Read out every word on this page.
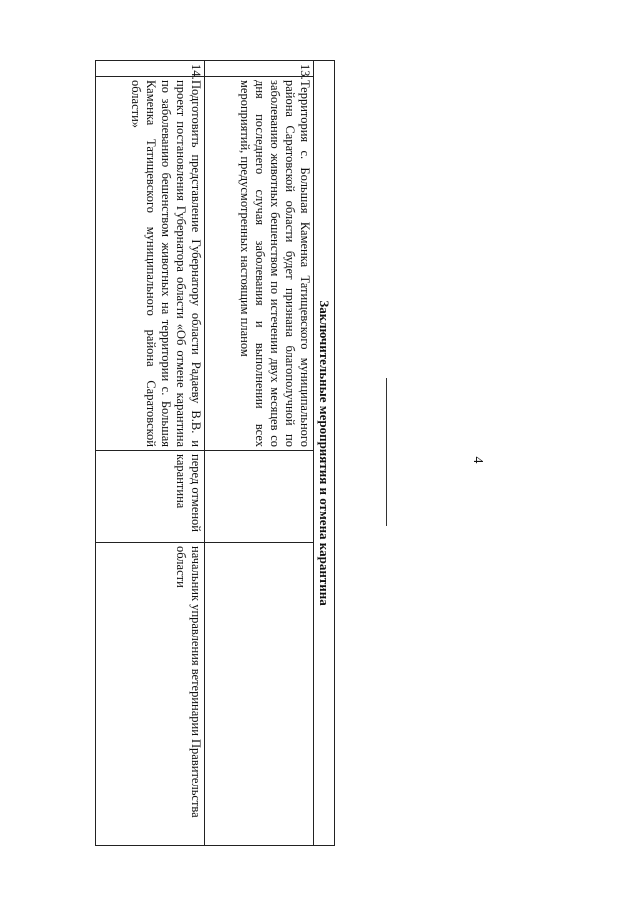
4
Заключительные мероприятия и отмена карантина			
13.	Территория с. Большая Каменка Татищевского муниципального района Саратовской области будет признана благополучной по заболеванию животных бешенством по истечении двух месяцев со дня последнего случая заболевания и выполнении всех мероприятий, предусмотренных настоящим планом		
14.	Подготовить представление Губернатору области Радаеву В.В. и проект постановления Губернатора области «Об отмене карантина по заболеванию бешенством животных на территории с. Большая Каменка Татищевского муниципального района Саратовской области»	перед отменой карантина	начальник управления ветеринарии Правительства области
